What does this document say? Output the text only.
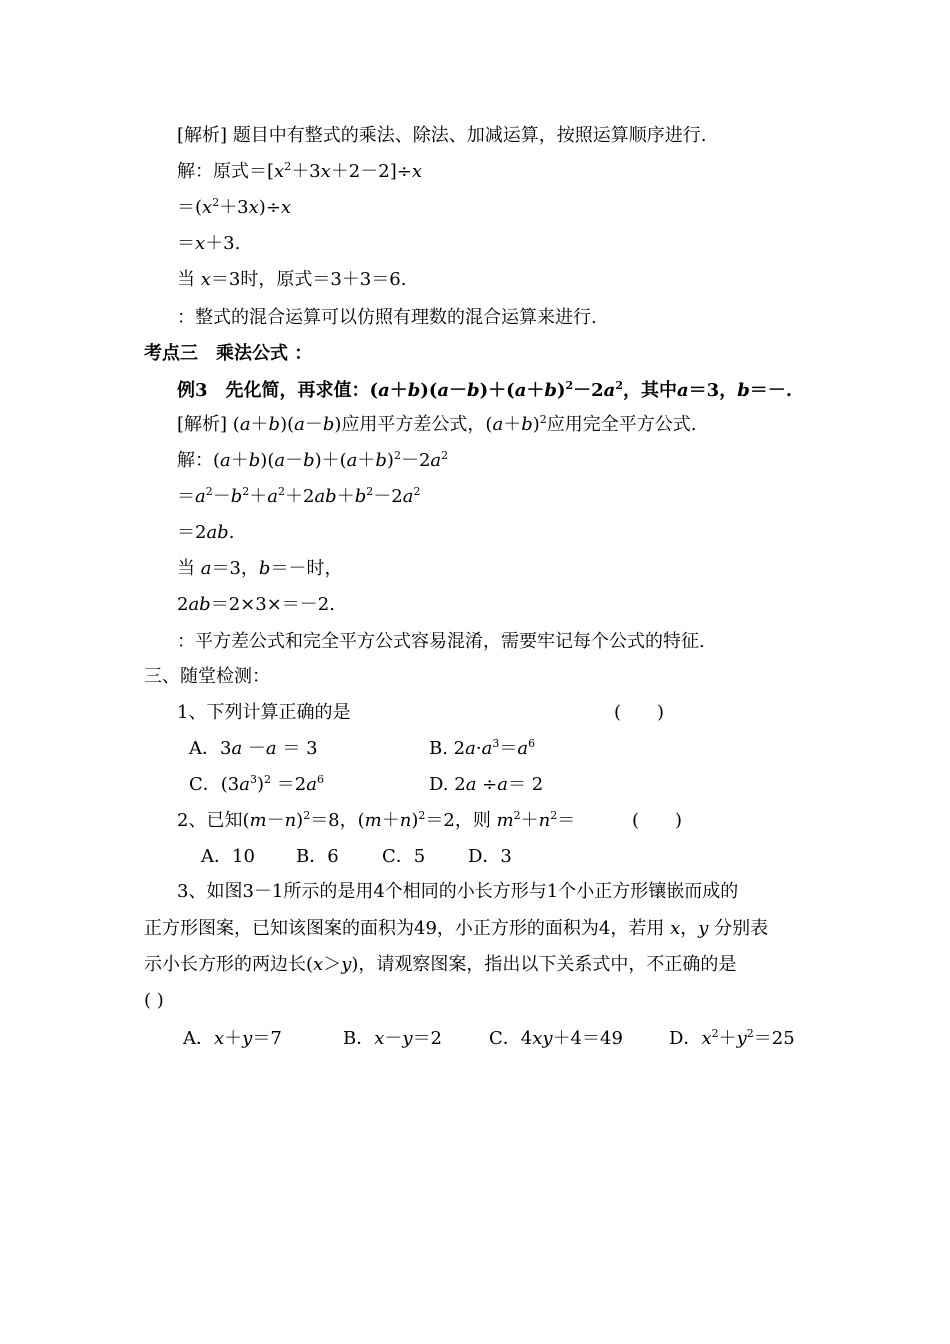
[解析] 题目中有整式的乘法、除法、加减运算，按照运算顺序进行.
解：原式$=[x^2+3x+2-2]\div x$
$=(x^2+3x)\div x$
＝x＋3.
当 x＝3时，原式＝3＋3＝6.
：整式的混合运算可以仿照有理数的混合运算来进行.
考点三　乘法公式 ：
例3　先化简，再求值：$(a+b)(a-b)+(a+b)^2-2a^2$，其中a＝3，b＝－.
[解析] (a＋b)(a－b)应用平方差公式，$(a+b)^2$应用完全平方公式.
解：$(a+b)(a-b)+(a+b)^2-2a^2$
$=a^2-b^2+a^2+2ab+b^2-2a^2$
＝2ab.
当 a＝3，b＝－时，
2ab＝2×3×＝－2.
：平方差公式和完全平方公式容易混淆，需要牢记每个公式的特征.
三、随堂检测：
1、下列计算正确的是	(　　)
A．3a －a ＝ 3	B. $2a\cdot a^3=a^6$
C．$(3a^3)^2 =2a^6$	D. 2a ÷a＝ 2
2、已知$(m-n)^2=8$，$(m+n)^2=2$，则 $m^2+n^2=$	(　　)
A．10 B．6 C．5 D．3
3、如图3－1所示的是用4个相同的小长方形与1个小正方形镶嵌而成的
正方形图案，已知该图案的面积为49，小正方形的面积为4，若用 x，y 分别表
示小长方形的两边长(x＞y)，请观察图案，指出以下关系式中，不正确的是
( )
A．x＋y＝7	B．x－y＝2	C．4xy＋4＝49	D．$x^2+y^2=25$
